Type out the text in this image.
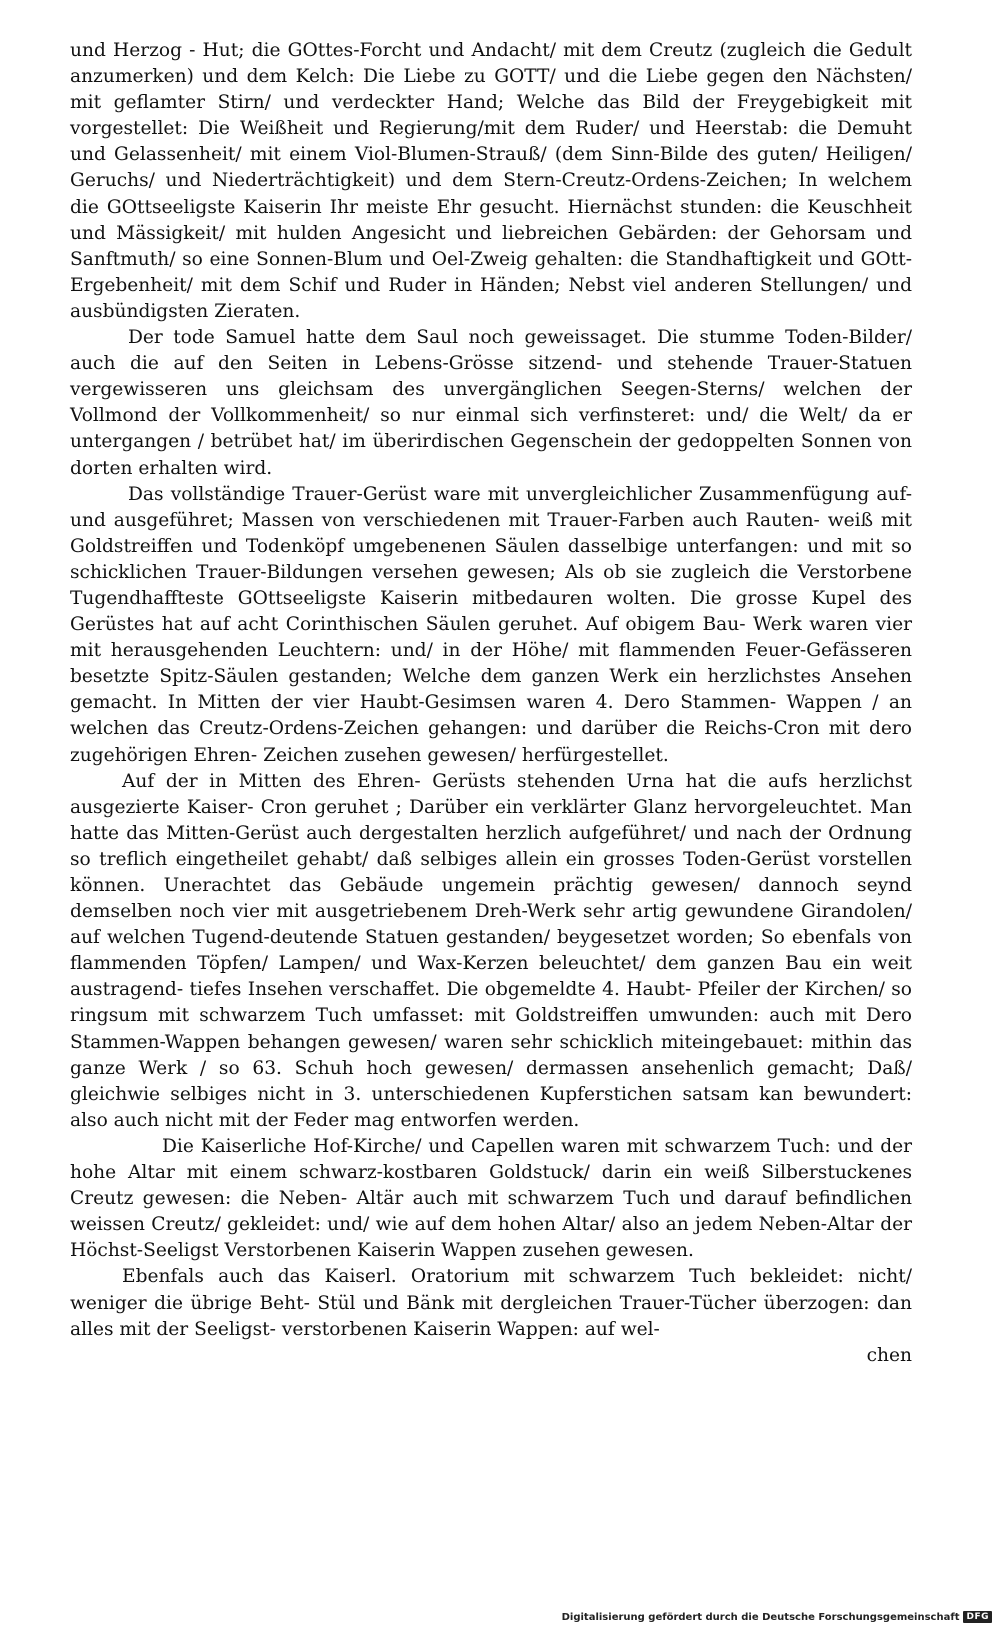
und Herzog - Hut; die GOttes-Forcht und Andacht/ mit dem Creutz (zugleich die Gedult anzumerken) und dem Kelch: Die Liebe zu GOTT/ und die Liebe gegen den Nächsten/ mit geflamter Stirn/ und verdeckter Hand; Welche das Bild der Freygebigkeit mit vorgestellet: Die Weißheit und Regierung/mit dem Ruder/ und Heerstab: die Demuht und Gelassenheit/ mit einem Viol-Blumen-Strauß/ (dem Sinn-Bilde des guten/ Heiligen/ Geruchs/ und Niederträchtigkeit) und dem Stern-Creutz-Ordens-Zeichen; In welchem die GOttseeligste Kaiserin Ihr meiste Ehr gesucht. Hiernächst stunden: die Keuschheit und Mässigkeit/ mit hulden Angesicht und liebreichen Gebärden: der Gehorsam und Sanftmuth/ so eine Sonnen-Blum und Oel-Zweig gehalten: die Standhaftigkeit und GOtt-Ergebenheit/ mit dem Schif und Ruder in Händen; Nebst viel anderen Stellungen/ und ausbündigsten Zieraten.

Der tode Samuel hatte dem Saul noch geweissaget. Die stumme Toden-Bilder/ auch die auf den Seiten in Lebens-Grösse sitzend- und stehende Trauer-Statuen vergewisseren uns gleichsam des unvergänglichen Seegen-Sterns/ welchen der Vollmond der Vollkommenheit/ so nur einmal sich verfinsteret: und/ die Welt/ da er untergangen / betrübet hat/ im überirdischen Gegenschein der gedoppelten Sonnen von dorten erhalten wird.

Das vollständige Trauer-Gerüst ware mit unvergleichlicher Zusammenfügung auf- und ausgeführet; Massen von verschiedenen mit Trauer-Farben auch Rauten- weiß mit Goldstreiffen und Todenköpf umgebenenen Säulen dasselbige unterfangen: und mit so schicklichen Trauer-Bildungen versehen gewesen; Als ob sie zugleich die Verstorbene Tugendhaffteste GOttseeligste Kaiserin mitbedauren wolten. Die grosse Kupel des Gerüstes hat auf acht Corinthischen Säulen geruhet. Auf obigem Bau- Werk waren vier mit herausgehenden Leuchtern: und/ in der Höhe/ mit flammenden Feuer-Gefässeren besetzte Spitz-Säulen gestanden; Welche dem ganzen Werk ein herzlichstes Ansehen gemacht. In Mitten der vier Haubt-Gesimsen waren 4. Dero Stammen- Wappen / an welchen das Creutz-Ordens-Zeichen gehangen: und darüber die Reichs-Cron mit dero zugehörigen Ehren- Zeichen zusehen gewesen/ herfürgestellet.

Auf der in Mitten des Ehren- Gerüsts stehenden Urna hat die aufs herzlichst ausgezierte Kaiser- Cron geruhet ; Darüber ein verklärter Glanz hervorgeleuchtet. Man hatte das Mitten-Gerüst auch dergestalten herzlich aufgeführet/ und nach der Ordnung so treflich eingetheilet gehabt/ daß selbiges allein ein grosses Toden-Gerüst vorstellen können. Unerachtet das Gebäude ungemein prächtig gewesen/ dannoch seynd demselben noch vier mit ausgetriebenem Dreh-Werk sehr artig gewundene Girandolen/ auf welchen Tugend-deutende Statuen gestanden/ beygesetzet worden; So ebenfals von flammenden Töpfen/ Lampen/ und Wax-Kerzen beleuchtet/ dem ganzen Bau ein weit austragend- tiefes Insehen verschaffet. Die obgemeldte 4. Haubt- Pfeiler der Kirchen/ so ringsum mit schwarzem Tuch umfasset: mit Goldstreiffen umwunden: auch mit Dero Stammen-Wappen behangen gewesen/ waren sehr schicklich miteingebauet: mithin das ganze Werk / so 63. Schuh hoch gewesen/ dermassen ansehenlich gemacht; Daß/ gleichwie selbiges nicht in 3. unterschiedenen Kupferstichen satsam kan bewundert: also auch nicht mit der Feder mag entworfen werden.

Die Kaiserliche Hof-Kirche/ und Capellen waren mit schwarzem Tuch: und der hohe Altar mit einem schwarz-kostbaren Goldstuck/ darin ein weiß Silberstuckenes Creutz gewesen: die Neben- Altär auch mit schwarzem Tuch und darauf befindlichen weissen Creutz/ gekleidet: und/ wie auf dem hohen Altar/ also an jedem Neben-Altar der Höchst-Seeligst Verstorbenen Kaiserin Wappen zusehen gewesen.

Ebenfals auch das Kaiserl. Oratorium mit schwarzem Tuch bekleidet: nicht/ weniger die übrige Beht- Stül und Bänk mit dergleichen Trauer-Tücher überzogen: dan alles mit der Seeligst- verstorbenen Kaiserin Wappen: auf wel-

chen

Digitalisierung gefördert durch die Deutsche Forschungsgemeinschaft DFG
